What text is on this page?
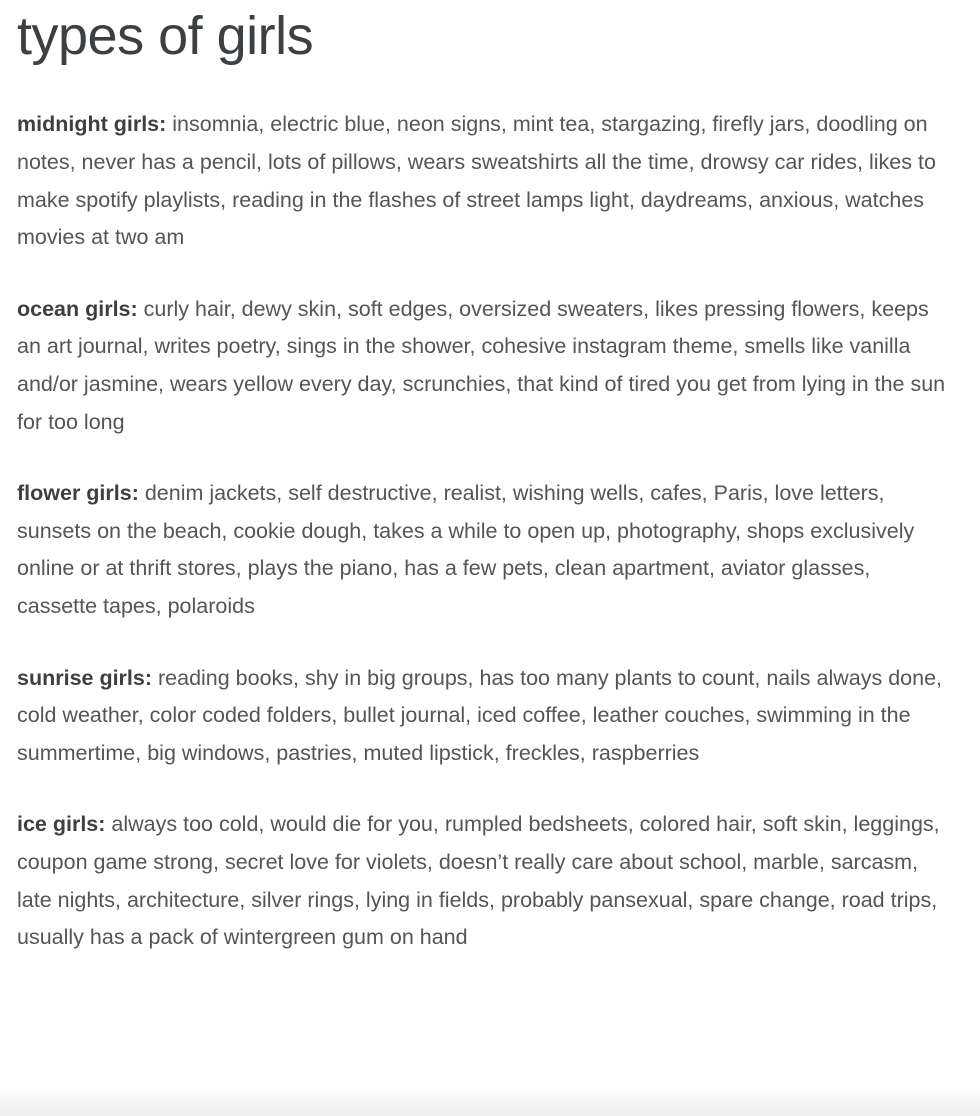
types of girls

midnight girls: insomnia, electric blue, neon signs, mint tea, stargazing, firefly jars, doodling on notes, never has a pencil, lots of pillows, wears sweatshirts all the time, drowsy car rides, likes to make spotify playlists, reading in the flashes of street lamps light, daydreams, anxious, watches movies at two am

ocean girls: curly hair, dewy skin, soft edges, oversized sweaters, likes pressing flowers, keeps an art journal, writes poetry, sings in the shower, cohesive instagram theme, smells like vanilla and/or jasmine, wears yellow every day, scrunchies, that kind of tired you get from lying in the sun for too long

flower girls: denim jackets, self destructive, realist, wishing wells, cafes, Paris, love letters, sunsets on the beach, cookie dough, takes a while to open up, photography, shops exclusively online or at thrift stores, plays the piano, has a few pets, clean apartment, aviator glasses, cassette tapes, polaroids

sunrise girls: reading books, shy in big groups, has too many plants to count, nails always done, cold weather, color coded folders, bullet journal, iced coffee, leather couches, swimming in the summertime, big windows, pastries, muted lipstick, freckles, raspberries

ice girls: always too cold, would die for you, rumpled bedsheets, colored hair, soft skin, leggings, coupon game strong, secret love for violets, doesn’t really care about school, marble, sarcasm, late nights, architecture, silver rings, lying in fields, probably pansexual, spare change, road trips, usually has a pack of wintergreen gum on hand
